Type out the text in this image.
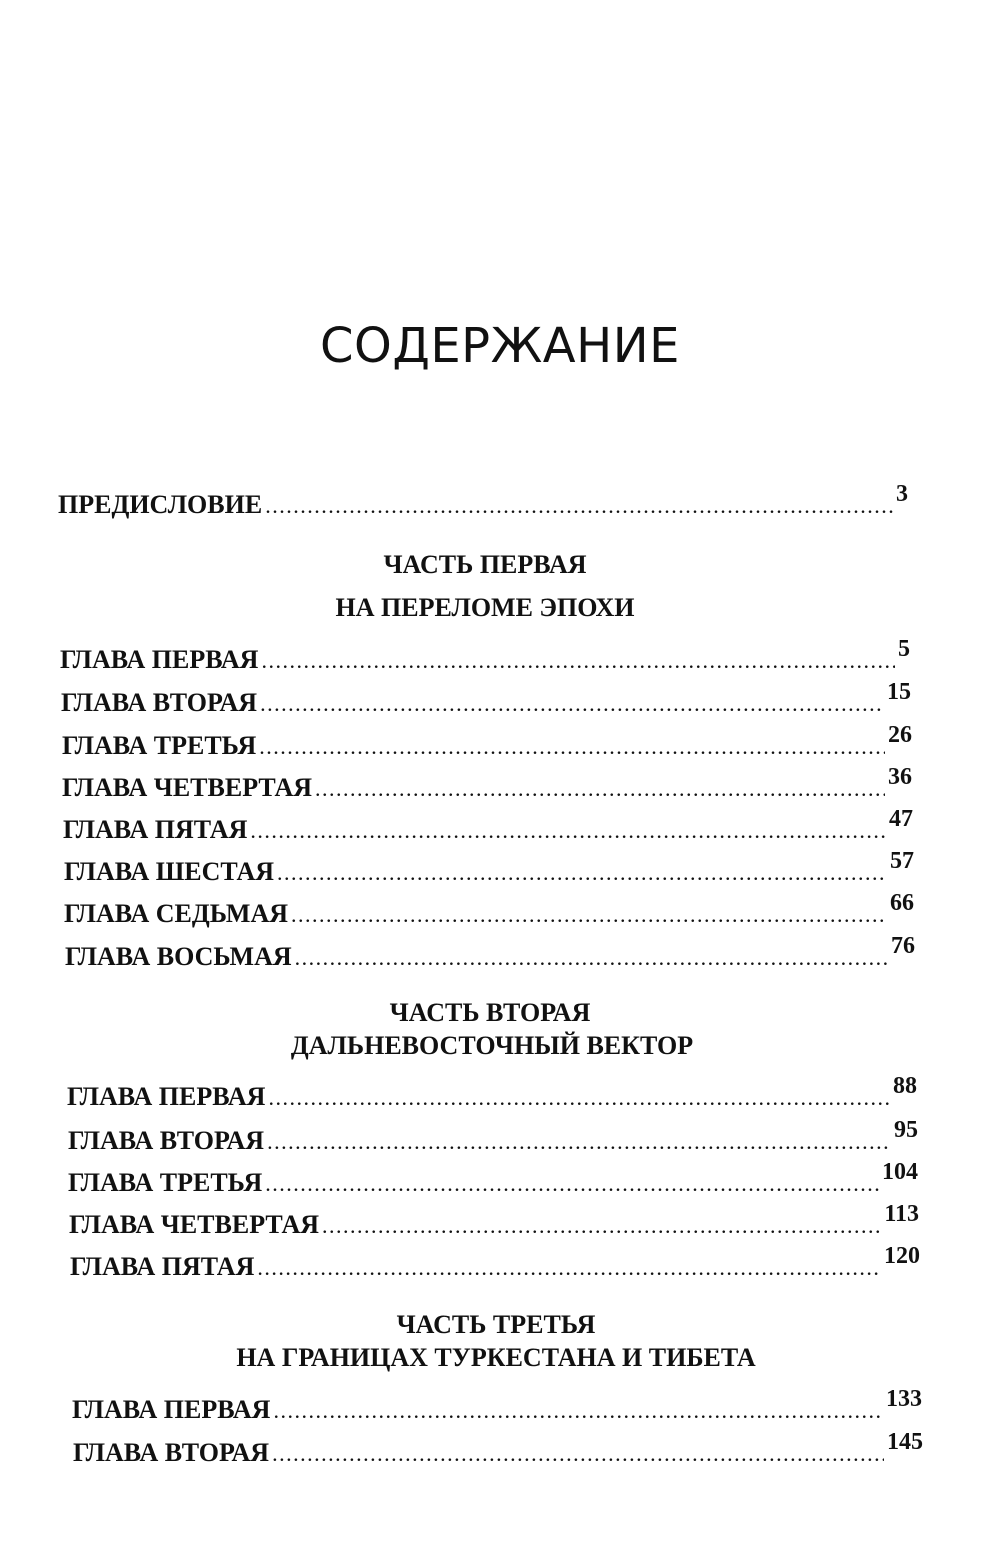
СОДЕРЖАНИЕ
ПРЕДИСЛОВИЕ . . .	3
ЧАСТЬ ПЕРВАЯ
НА ПЕРЕЛОМЕ ЭПОХИ
ГЛАВА ПЕРВАЯ . . .	5
ГЛАВА ВТОРАЯ . . .	15
ГЛАВА ТРЕТЬЯ . . .	26
ГЛАВА ЧЕТВЕРТАЯ . . .	36
ГЛАВА ПЯТАЯ . . .	47
ГЛАВА ШЕСТАЯ . . .	57
ГЛАВА СЕДЬМАЯ . . .	66
ГЛАВА ВОСЬМАЯ . . .	76
ЧАСТЬ ВТОРАЯ
ДАЛЬНЕВОСТОЧНЫЙ ВЕКТОР
ГЛАВА ПЕРВАЯ . . .	88
ГЛАВА ВТОРАЯ . . .	95
ГЛАВА ТРЕТЬЯ . . .	104
ГЛАВА ЧЕТВЕРТАЯ . . .	113
ГЛАВА ПЯТАЯ . . .	120
ЧАСТЬ ТРЕТЬЯ
НА ГРАНИЦАХ ТУРКЕСТАНА И ТИБЕТА
ГЛАВА ПЕРВАЯ . . .	133
ГЛАВА ВТОРАЯ . . .	145
